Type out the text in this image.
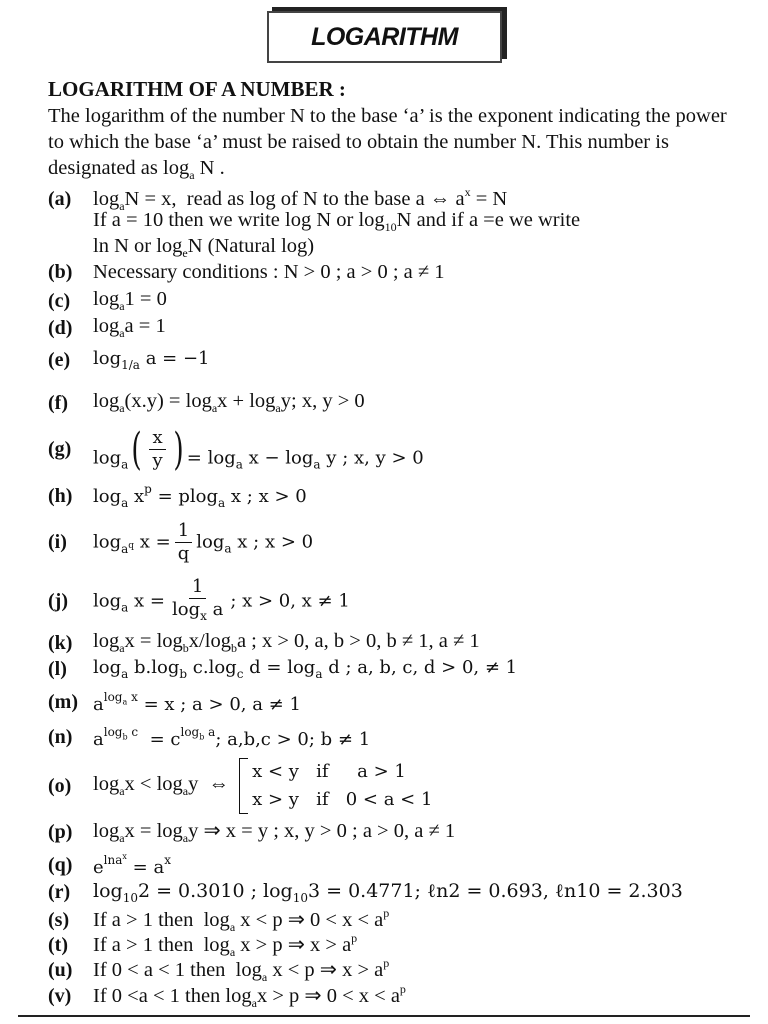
LOGARITHM
LOGARITHM OF A NUMBER :
The logarithm of the number N to the base ‘a’ is the exponent indicating the power to which the base ‘a’ must be raised to obtain the number N. This number is designated as $\log_a N$ .
(a)	$\log_aN = x$,  read as log of N to the base a ⇔ $a^x = N$
If a = 10 then we write log N or $\log_{10}N$ and if a =e we write
ln N or $\log_eN$ (Natural log)
(b)	Necessary conditions : N > 0 ; a > 0 ; a ≠ 1
(c)	$\log_a1 = 0$
(d)	$\log_aa = 1$
(e)	$\log_{1/a} a = -1$
(f)	$\log_a(x.y) = \log_ax + \log_ay$; x, y > 0
(g)	$\log_a$ ( $\frac{x}{y}$ ) = $\log_a x - \log_a y$ ; x, y > 0
(h)	$\log_a x^p = plog_a$ x ; x > 0
(i)	$\log_{a^q} x = \frac{1}{q} \log_a x$ ; x > 0
(j)	$\log_a x = \frac{1}{\log_x a}$ ; x > 0, x ≠ 1
(k)	$\log_ax = \log_bx/\log_ba$ ; x > 0, a, b > 0, b ≠ 1, a ≠ 1
(l)	$\log_a b.\log_b$ $c.\log_c$ $d = \log_a d$ ; a, b, c, d > 0, ≠ 1
(m) $a^{log_a x} = x$ ; a > 0, a ≠ 1
(n)	$a^{log_b c} = c^{log_b a}$; a,b,c > 0; b ≠ 1
(o)	$\log_ax < \log_ay$  ⇔
x < y   if     a > 1
x > y   if   0 < a < 1
(p)	$\log_ax = \log_ay$ ⇒ x = y ; x, y > 0 ; a > 0, a ≠ 1
(q)	$e^{lna^x} = a^x$
(r)	$\log_{10}2 = 0.3010$ ; $\log_{10}3 = 0.4771$; ℓn2 = 0.693, ℓn10 = 2.303
(s)	If a > 1 then  $\log_a x < p$ ⇒ $0 < x < a^p$
(t)	If a > 1 then  $\log_a x > p$ ⇒ $x > a^p$
(u)	If 0 < a < 1 then  $\log_a x < p$ ⇒ $x > a^p$
(v)	If 0 <a < 1 then $\log_ax > p$ ⇒ $0 < x < a^p$
